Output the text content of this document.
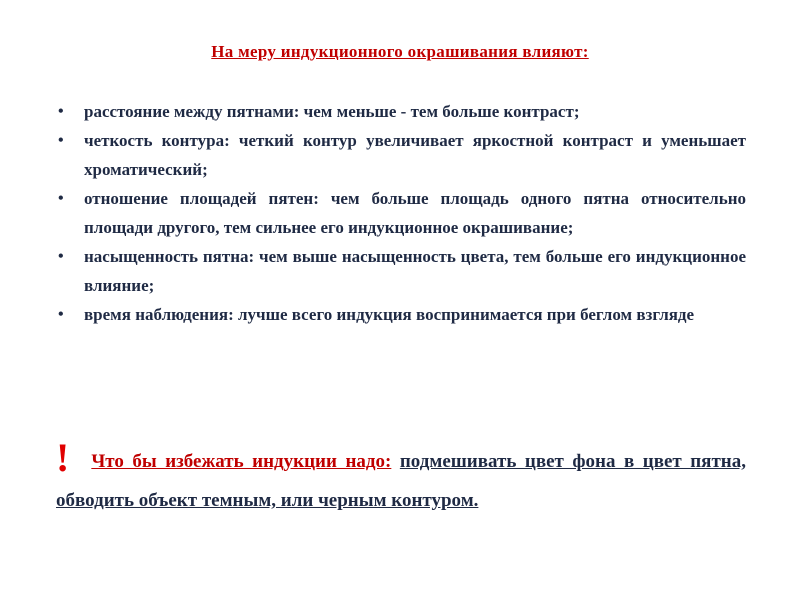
На меру индукционного окрашивания влияют:
• расстояние между пятнами: чем меньше - тем больше контраст;
• четкость контура: четкий контур увеличивает яркостной контраст и уменьшает хроматический;
• отношение площадей пятен: чем больше площадь одного пятна относительно площади другого, тем сильнее его индукционное окрашивание;
• насыщенность пятна: чем выше насыщенность цвета, тем больше его индукционное влияние;
• время наблюдения: лучше всего индукция воспринимается при беглом взгляде
! Что бы избежать индукции надо: подмешивать цвет фона в цвет пятна, обводить объект темным, или черным контуром.
